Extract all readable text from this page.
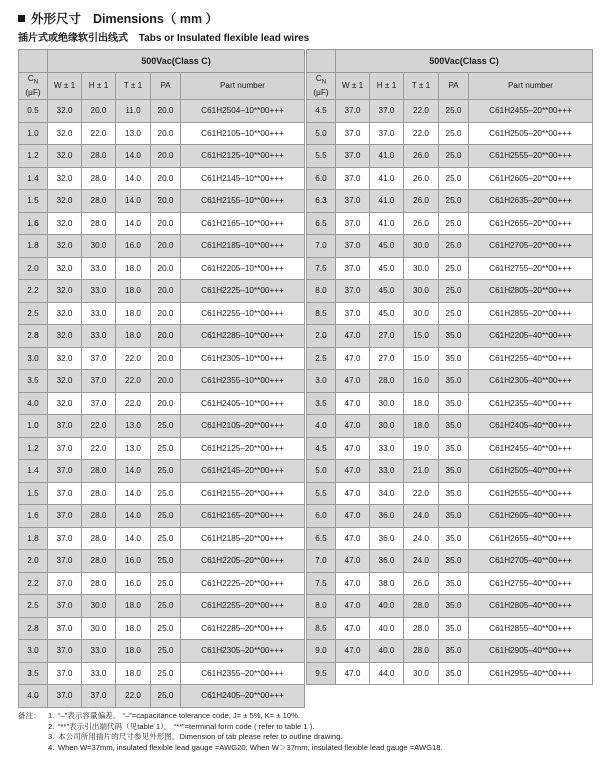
外形尺寸 Dimensions（ mm ）
插片式或绝缘软引出线式 Tabs or Insulated flexible lead wires
	500Vac(Class C)				
$C_N$
(μF)	W ± 1	H ± 1	T ± 1	PA	Part number
0.5	32.0	20.0	11.0	20.0	C61H2504–10**00+++
1.0	32.0	22.0	13.0	20.0	C61H2105–10**00+++
1.2	32.0	28.0	14.0	20.0	C61H2125–10**00+++
1.4	32.0	28.0	14.0	20.0	C61H2145–10**00+++
1.5	32.0	28.0	14.0	20.0	C61H2155–10**00+++
1.6	32.0	28.0	14.0	20.0	C61H2165–10**00+++
1.8	32.0	30.0	16.0	20.0	C61H2185–10**00+++
2.0	32.0	33.0	18.0	20.0	C61H2205–10**00+++
2.2	32.0	33.0	18.0	20.0	C61H2225–10**00+++
2.5	32.0	33.0	18.0	20.0	C61H2255–10**00+++
2.8	32.0	33.0	18.0	20.0	C61H2285–10**00+++
3.0	32.0	37.0	22.0	20.0	C61H2305–10**00+++
3.5	32.0	37.0	22.0	20.0	C61H2355–10**00+++
4.0	32.0	37.0	22.0	20.0	C61H2405–10**00+++
1.0	37.0	22.0	13.0	25.0	C61H2105–20**00+++
1.2	37.0	22.0	13.0	25.0	C61H2125–20**00+++
1.4	37.0	28.0	14.0	25.0	C61H2145–20**00+++
1.5	37.0	28.0	14.0	25.0	C61H2155–20**00+++
1.6	37.0	28.0	14.0	25.0	C61H2165–20**00+++
1.8	37.0	28.0	14.0	25.0	C61H2185–20**00+++
2.0	37.0	28.0	16.0	25.0	C61H2205–20**00+++
2.2	37.0	28.0	16.0	25.0	C61H2225–20**00+++
2.5	37.0	30.0	18.0	25.0	C61H2255–20**00+++
2.8	37.0	30.0	18.0	25.0	C61H2285–20**00+++
3.0	37.0	33.0	18.0	25.0	C61H2305–20**00+++
3.5	37.0	33.0	18.0	25.0	C61H2355–20**00+++
4.0	37.0	37.0	22.0	25.0	C61H2405–20**00+++
	500Vac(Class C)				
$C_N$
(μF)	W ± 1	H ± 1	T ± 1	PA	Part number
4.5	37.0	37.0	22.0	25.0	C61H2455–20**00+++
5.0	37.0	37.0	22.0	25.0	C61H2505–20**00+++
5.5	37.0	41.0	26.0	25.0	C61H2555–20**00+++
6.0	37.0	41.0	26.0	25.0	C61H2605–20**00+++
6.3	37.0	41.0	26.0	25.0	C61H2635–20**00+++
6.5	37.0	41.0	26.0	25.0	C61H2655–20**00+++
7.0	37.0	45.0	30.0	25.0	C61H2705–20**00+++
7.5	37.0	45.0	30.0	25.0	C61H2755–20**00+++
8.0	37.0	45.0	30.0	25.0	C61H2805–20**00+++
8.5	37.0	45.0	30.0	25.0	C61H2855–20**00+++
2.0	47.0	27.0	15.0	35.0	C61H2205–40**00+++
2.5	47.0	27.0	15.0	35.0	C61H2255–40**00+++
3.0	47.0	28.0	16.0	35.0	C61H2305–40**00+++
3.5	47.0	30.0	18.0	35.0	C61H2355–40**00+++
4.0	47.0	30.0	18.0	35.0	C61H2405–40**00+++
4.5	47.0	33.0	19.0	35.0	C61H2455–40**00+++
5.0	47.0	33.0	21.0	35.0	C61H2505–40**00+++
5.5	47.0	34.0	22.0	35.0	C61H2555–40**00+++
6.0	47.0	36.0	24.0	35.0	C61H2605–40**00+++
6.5	47.0	36.0	24.0	35.0	C61H2655–40**00+++
7.0	47.0	36.0	24.0	35.0	C61H2705–40**00+++
7.5	47.0	38.0	26.0	35.0	C61H2755–40**00+++
8.0	47.0	40.0	28.0	35.0	C61H2805–40**00+++
8.5	47.0	40.0	28.0	35.0	C61H2855–40**00+++
9.0	47.0	40.0	28.0	35.0	C61H2905–40**00+++
9.5	47.0	44.0	30.0	35.0	C61H2955–40**00+++
备注： 1. “–”表示容量偏差。 “–”=capacitance tolerance code, J= ± 5%, K= ± 10%.
2. “**”表示引出端代码（见table 1）。 “**”=terminal form code ( refer to table 1 ).
3. 本公司所用插片的尺寸参见外形图。Dimension of tab please refer to outline drawing.
4. When W=37mm, insulated flexible lead gauge =AWG20; When W＞37mm, insulated flexible lead gauge =AWG18.
